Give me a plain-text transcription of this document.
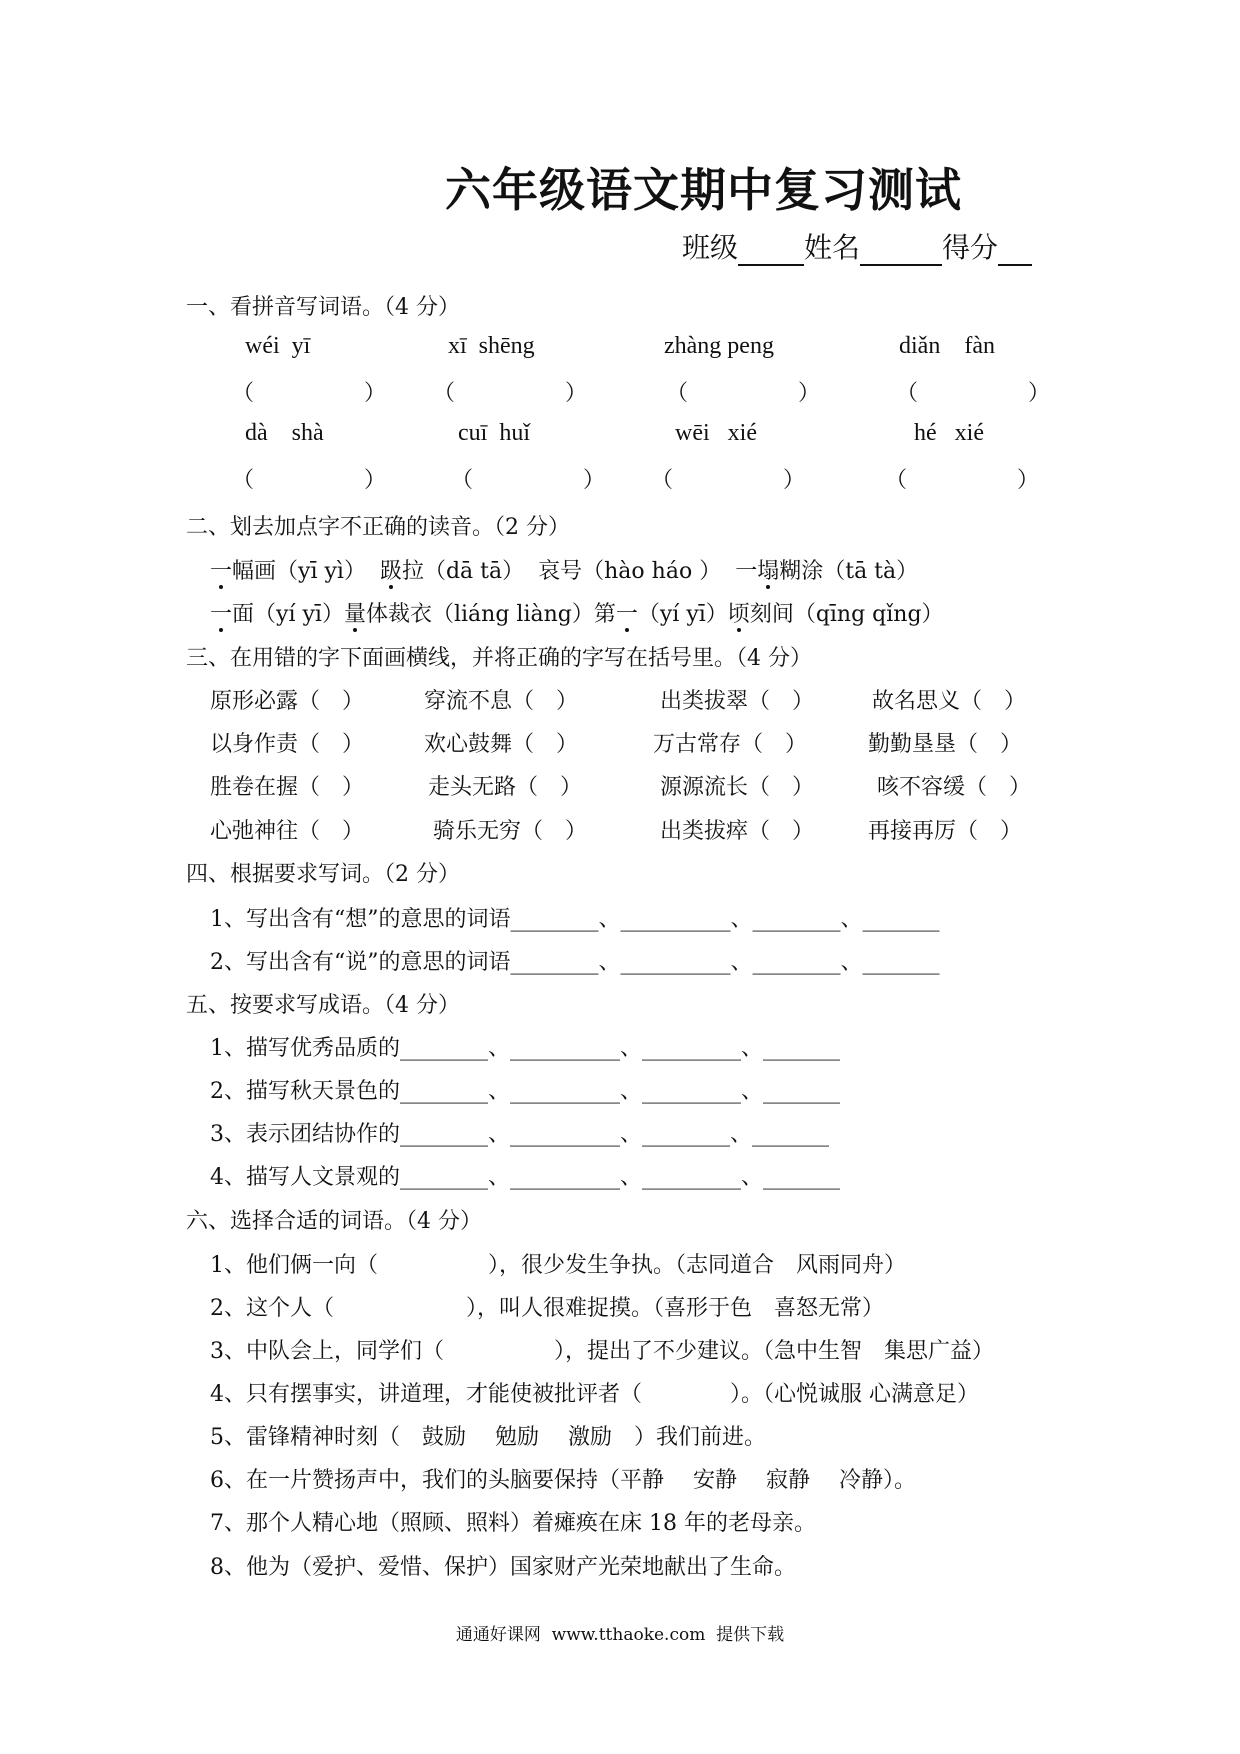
六年级语文期中复习测试
班级 姓名	得分
一、看拼音写词语。（4 分）
wéi  yī	xī  shēng	zhàng peng	diǎn    fàn
（　　　　　） （　　　　　）	（　　　　　）	（　　　　　）
dà    shà	cuī  huǐ	wēi   xié	hé   xié
（　　　　　）	（　　　　　） （　　　　　）	（　　　　　）
二、划去加点字不正确的读音。（2 分）
一幅画（yī yì） 趿拉（dā tā） 哀号（hào háo ） 一塌糊涂（tā tà）
一面（yí yī）量体裁衣（liáng liàng）第一（yí yī）顷刻间（qīng qǐng）
三、在用错的字下面画横线，并将正确的字写在括号里。（4 分）
原形必露（　）	穿流不息（　）	出类拔翠（　）	故名思义（　）
以身作责（　）	欢心鼓舞（　）	万古常存（　）	勤勤垦垦（　）
胜卷在握（　）	走头无路（　）	源源流长（　）	咳不容缓（　）
心弛神往（　）	骑乐无穷（　）	出类拔瘁（　） 再接再厉（　）
四、根据要求写词。（2 分）
1、写出含有“想”的意思的词语________、__________、________、_______
2、写出含有“说”的意思的词语________、__________、________、_______
五、按要求写成语。（4 分）
1、描写优秀品质的________、__________、_________、_______
2、描写秋天景色的________、__________、_________、_______
3、表示团结协作的________、__________、________、_______
4、描写人文景观的________、__________、_________、_______
六、选择合适的词语。（4 分）
1、他们俩一向（　　　　　），很少发生争执。（志同道合　风雨同舟）
2、这个人（　　　　　　），叫人很难捉摸。（喜形于色　喜怒无常）
3、中队会上，同学们（　　　　　），提出了不少建议。（急中生智　集思广益）
4、只有摆事实，讲道理，才能使被批评者（　　　　）。（心悦诚服 心满意足）
5、雷锋精神时刻（　鼓励　 勉励　 激励　）我们前进。
6、在一片赞扬声中，我们的头脑要保持（平静　 安静　 寂静　 冷静）。
7、那个人精心地（照顾、照料）着瘫痪在床 18 年的老母亲。
8、他为（爱护、爱惜、保护）国家财产光荣地献出了生命。
通通好课网  www.tthaoke.com  提供下载
